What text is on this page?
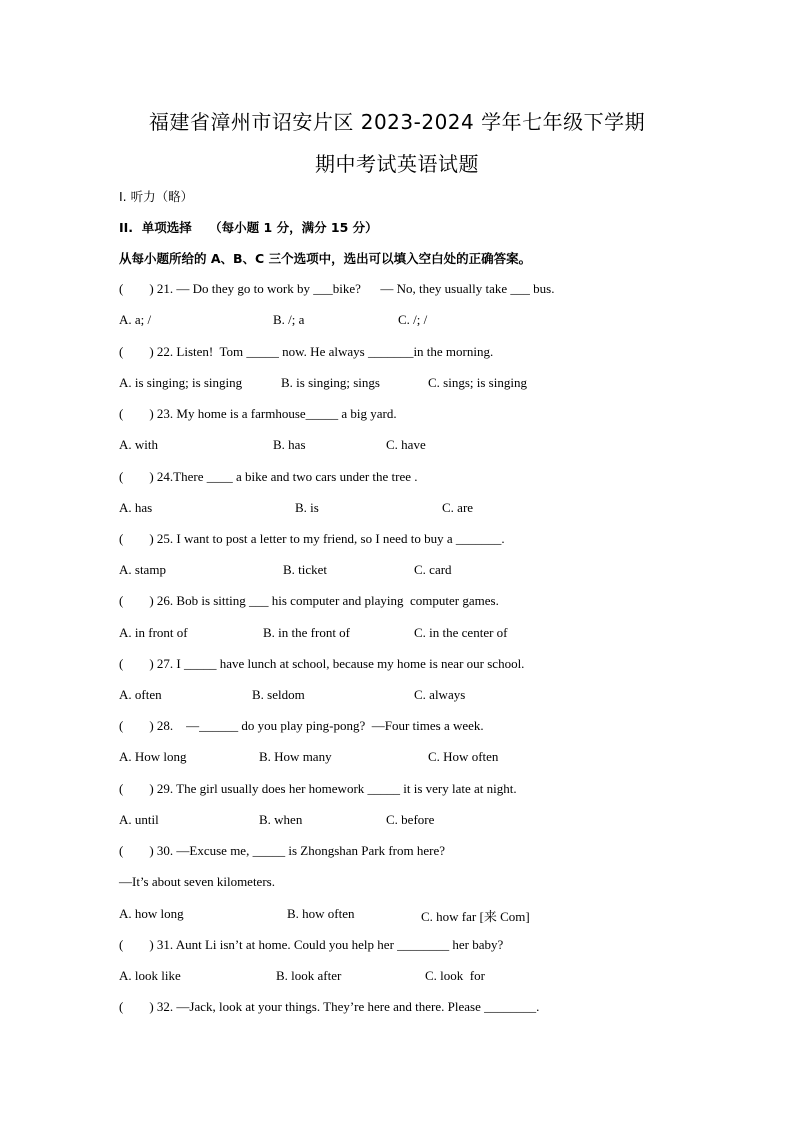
福建省漳州市诏安片区 2023-2024 学年七年级下学期
期中考试英语试题
Ⅰ. 听力（略）
II.  单项选择    （每小题 1 分，满分 15 分）
从每小题所给的 A、B、C 三个选项中，选出可以填入空白处的正确答案。
(        ) 21. — Do they go to work by ___bike?      — No, they usually take ___ bus.
A. a; /	B. /; a	C. /; /
(        ) 22. Listen!  Tom _____ now. He always _______in the morning.
A. is singing; is singing	B. is singing; sings	C. sings; is singing
(        ) 23. My home is a farmhouse_____ a big yard.
A. with	B. has	C. have
(        ) 24.There ____ a bike and two cars under the tree .
A. has	B. is	C. are
(        ) 25. I want to post a letter to my friend, so I need to buy a _______.
A. stamp	B. ticket	C. card
(        ) 26. Bob is sitting ___ his computer and playing  computer games.
A. in front of	B. in the front of	C. in the center of
(        ) 27. I _____ have lunch at school, because my home is near our school.
A. often	B. seldom	C. always
(        ) 28.    —______ do you play ping-pong?  —Four times a week.
A. How long	B. How many	C. How often
(        ) 29. The girl usually does her homework _____ it is very late at night.
A. until	B. when	C. before
(        ) 30. —Excuse me, _____ is Zhongshan Park from here?
—It’s about seven kilometers.
A. how long	B. how often	C. how far [来 Com]
(        ) 31. Aunt Li isn’t at home. Could you help her ________ her baby?
A. look like	B. look after	C. look  for
(        ) 32. —Jack, look at your things. They’re here and there. Please ________.
